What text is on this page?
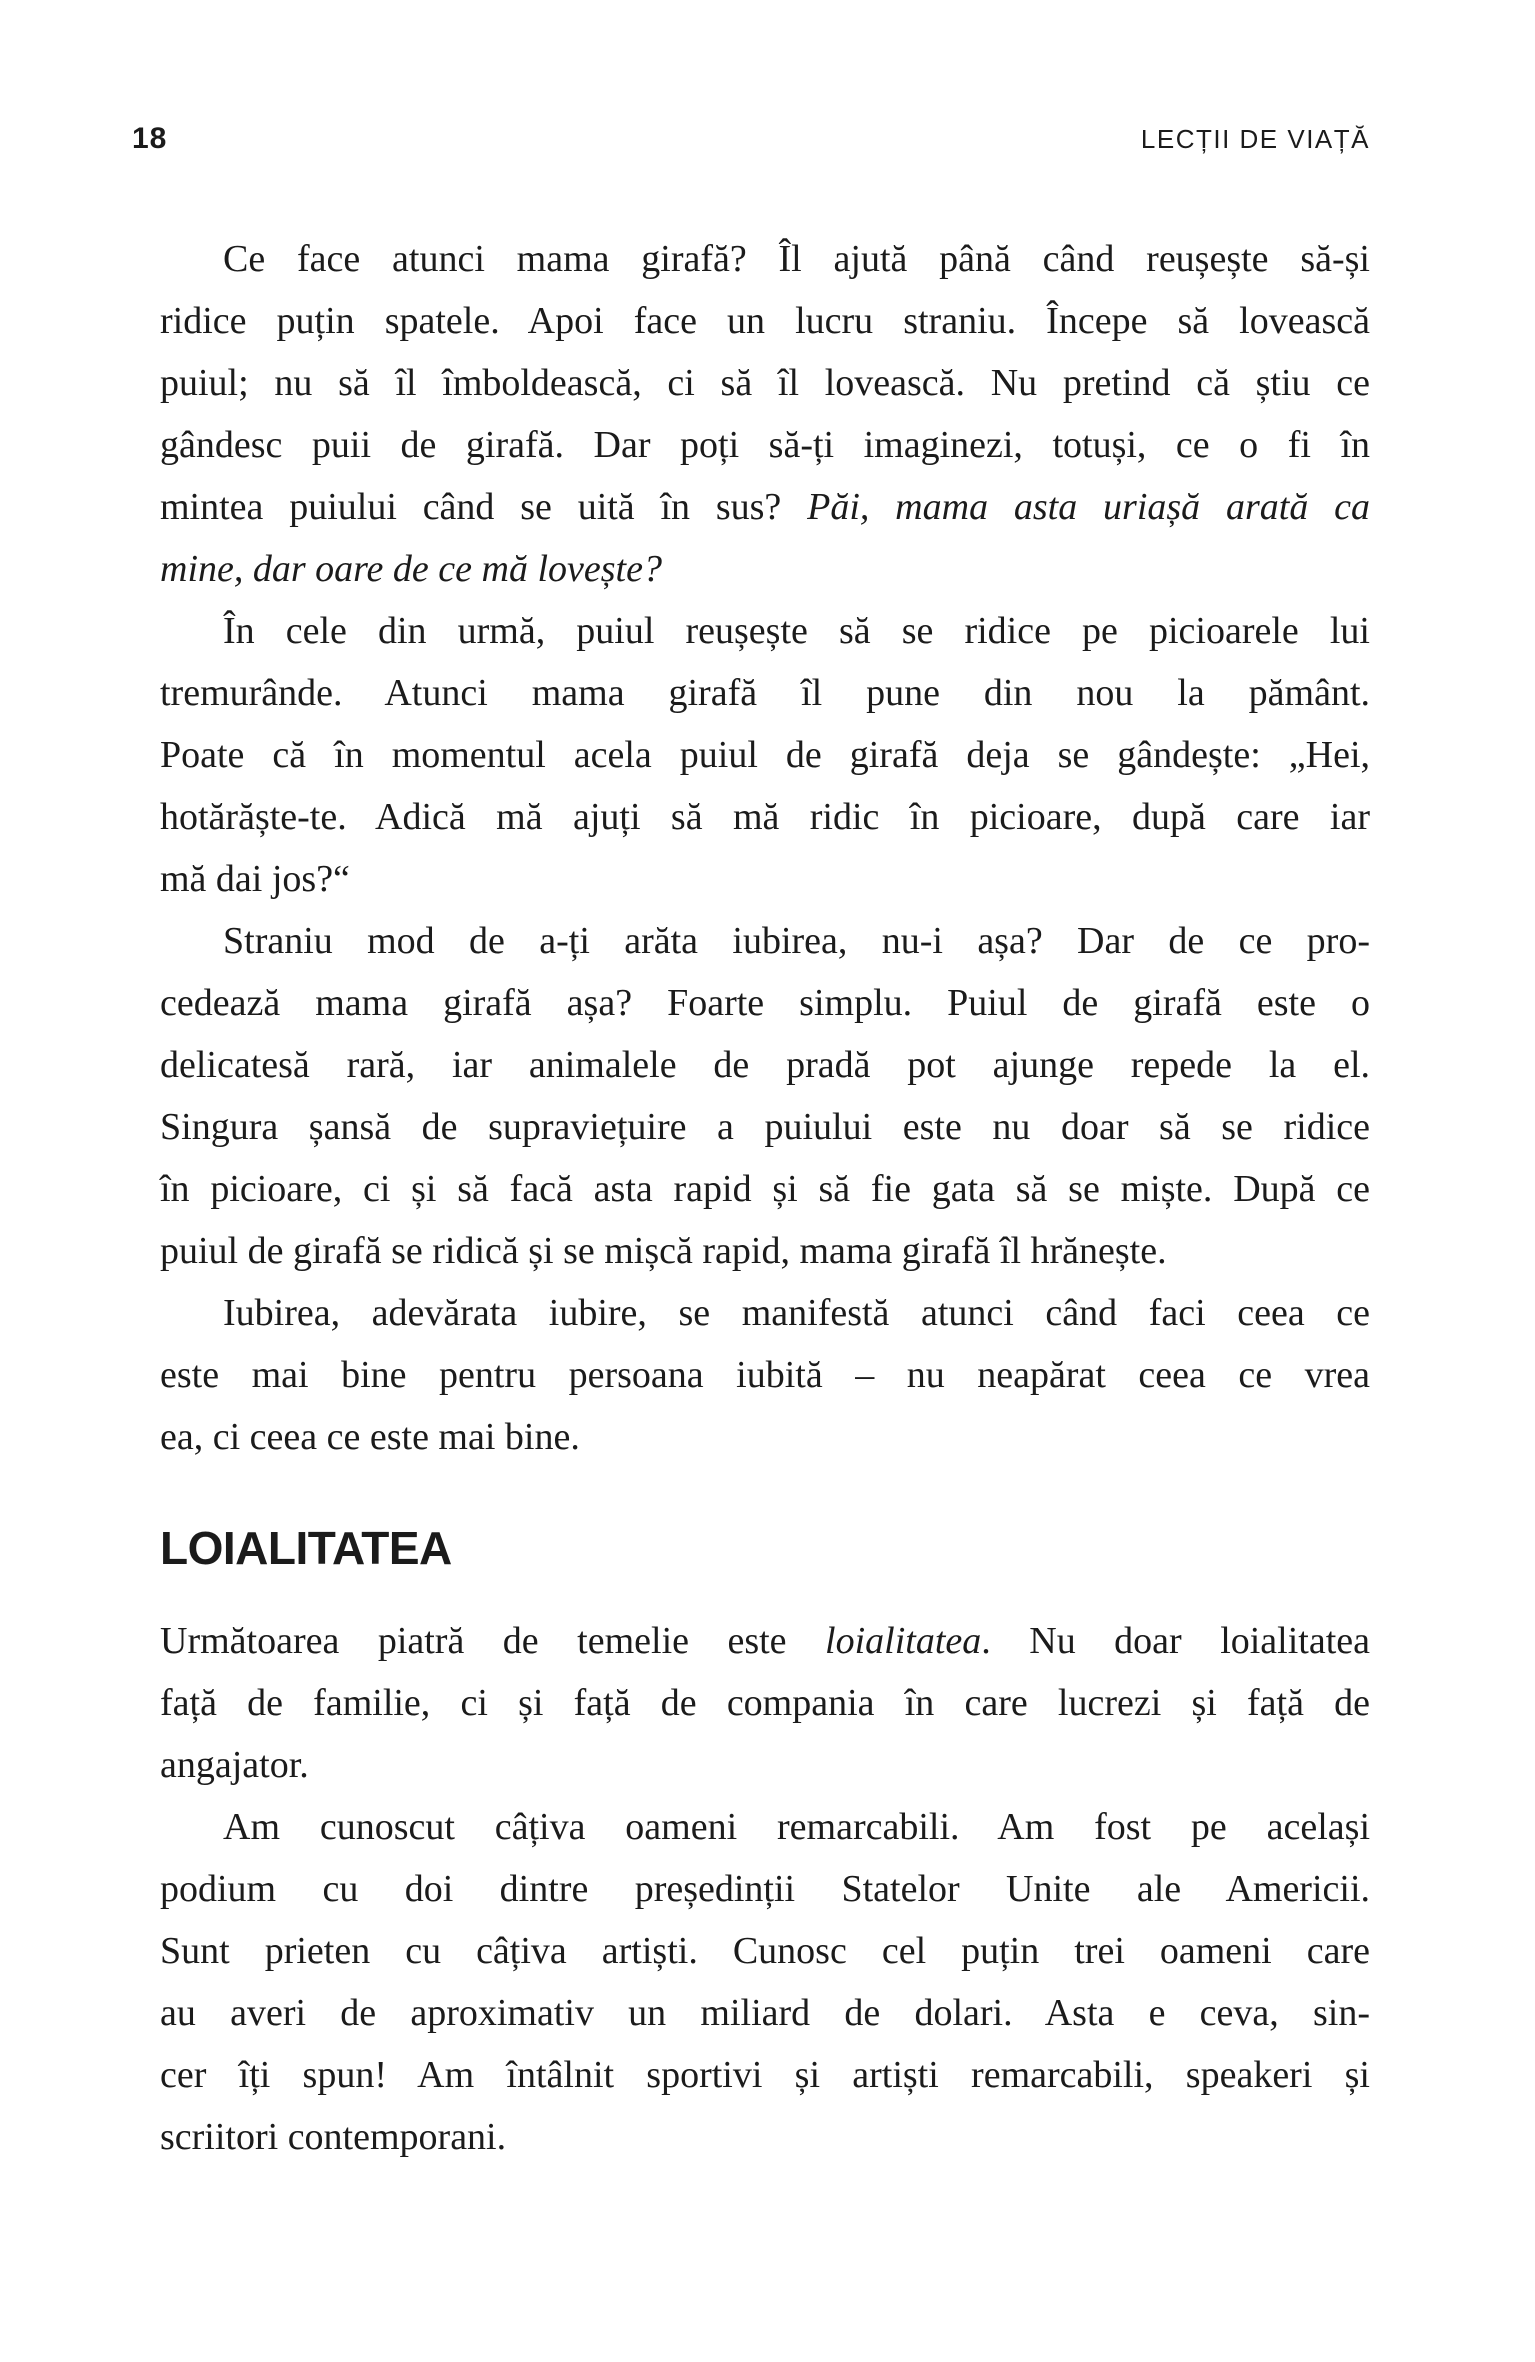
18	LECȚII DE VIAȚĂ
Ce face atunci mama girafă? Îl ajută până când reușește să-și
ridice puțin spatele. Apoi face un lucru straniu. Începe să lovească
puiul; nu să îl îmboldească, ci să îl lovească. Nu pretind că știu ce
gândesc puii de girafă. Dar poți să-ți imaginezi, totuși, ce o fi în
mintea puiului când se uită în sus? Păi, mama asta uriașă arată ca
mine, dar oare de ce mă lovește?
În cele din urmă, puiul reușește să se ridice pe picioarele lui
tremurânde. Atunci mama girafă îl pune din nou la pământ.
Poate că în momentul acela puiul de girafă deja se gândește: „Hei,
hotărăște-te. Adică mă ajuți să mă ridic în picioare, după care iar
mă dai jos?“
Straniu mod de a-ți arăta iubirea, nu-i așa? Dar de ce pro-
cedează mama girafă așa? Foarte simplu. Puiul de girafă este o
delicatesă rară, iar animalele de pradă pot ajunge repede la el.
Singura șansă de supraviețuire a puiului este nu doar să se ridice
în picioare, ci și să facă asta rapid și să fie gata să se miște. După ce
puiul de girafă se ridică și se mișcă rapid, mama girafă îl hrănește.
Iubirea, adevărata iubire, se manifestă atunci când faci ceea ce
este mai bine pentru persoana iubită – nu neapărat ceea ce vrea
ea, ci ceea ce este mai bine.
LOIALITATEA
Următoarea piatră de temelie este loialitatea. Nu doar loialitatea
față de familie, ci și față de compania în care lucrezi și față de
angajator.
Am cunoscut câțiva oameni remarcabili. Am fost pe același
podium cu doi dintre președinții Statelor Unite ale Americii.
Sunt prieten cu câțiva artiști. Cunosc cel puțin trei oameni care
au averi de aproximativ un miliard de dolari. Asta e ceva, sin-
cer îți spun! Am întâlnit sportivi și artiști remarcabili, speakeri și
scriitori contemporani.
